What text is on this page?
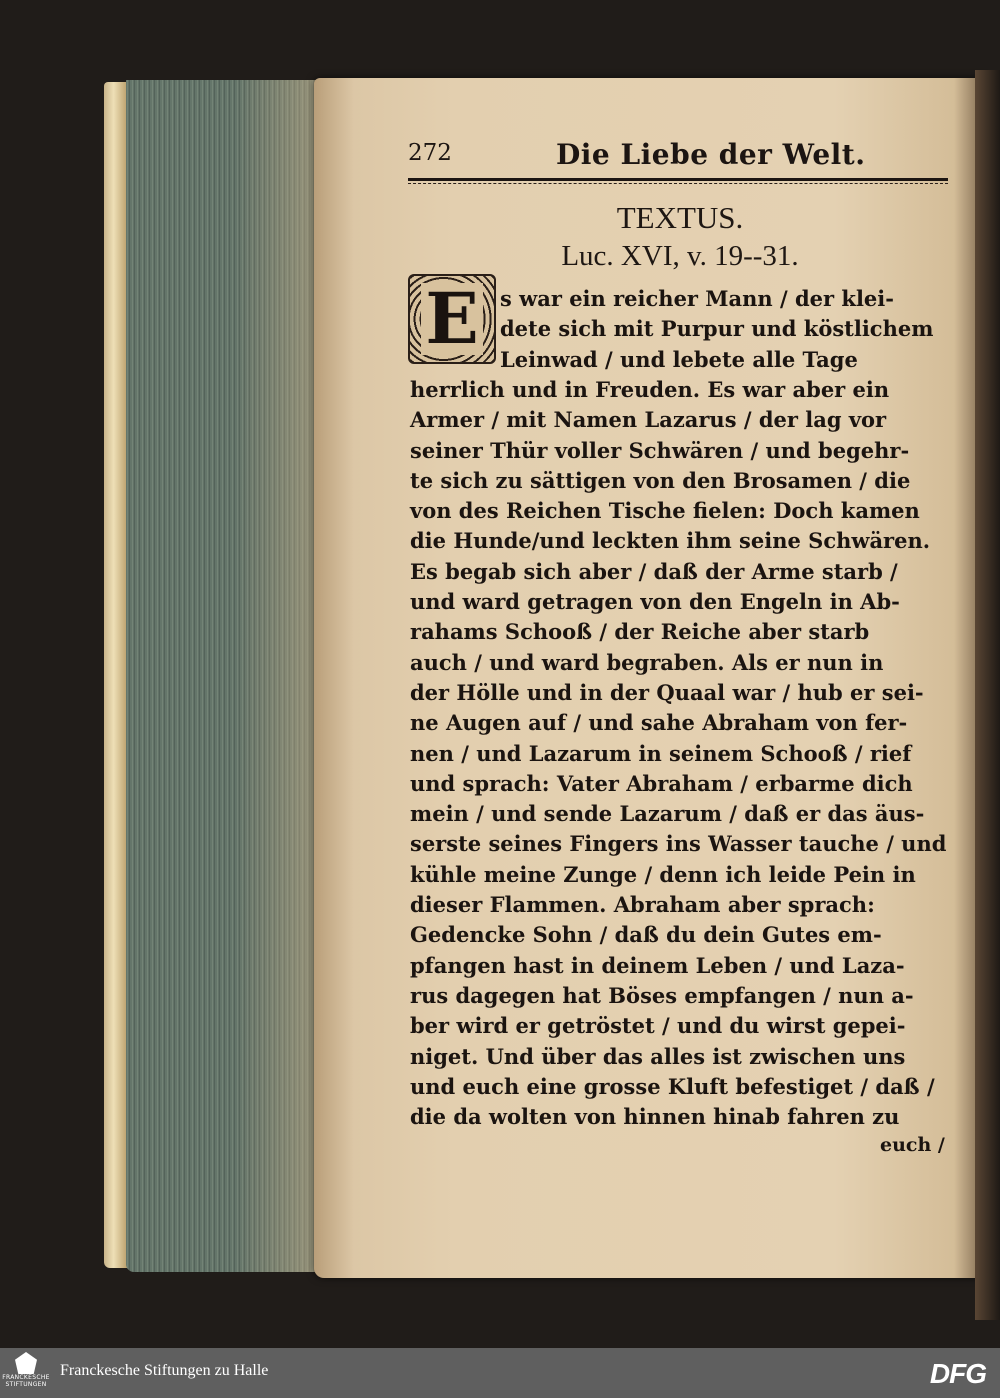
272	Die Liebe der Welt.
TEXTUS.
Luc. XVI, v. 19--31.
E s war ein reicher Mann / der klei-
dete sich mit Purpur und köstlichem
Leinwad / und lebete alle Tage
herrlich und in Freuden. Es war aber ein
Armer / mit Namen Lazarus / der lag vor
seiner Thür voller Schwären / und begehr-
te sich zu sättigen von den Brosamen / die
von des Reichen Tische fielen: Doch kamen
die Hunde/und leckten ihm seine Schwären.
Es begab sich aber / daß der Arme starb /
und ward getragen von den Engeln in Ab-
rahams Schooß / der Reiche aber starb
auch / und ward begraben. Als er nun in
der Hölle und in der Quaal war / hub er sei-
ne Augen auf / und sahe Abraham von fer-
nen / und Lazarum in seinem Schooß / rief
und sprach: Vater Abraham / erbarme dich
mein / und sende Lazarum / daß er das äus-
serste seines Fingers ins Wasser tauche / und
kühle meine Zunge / denn ich leide Pein in
dieser Flammen. Abraham aber sprach:
Gedencke Sohn / daß du dein Gutes em-
pfangen hast in deinem Leben / und Laza-
rus dagegen hat Böses empfangen / nun a-
ber wird er getröstet / und du wirst gepei-
niget. Und über das alles ist zwischen uns
und euch eine grosse Kluft befestiget / daß /
die da wolten von hinnen hinab fahren zu
euch /
FRANCKESCHE
STIFTUNGEN
Franckesche Stiftungen zu Halle	DFG
